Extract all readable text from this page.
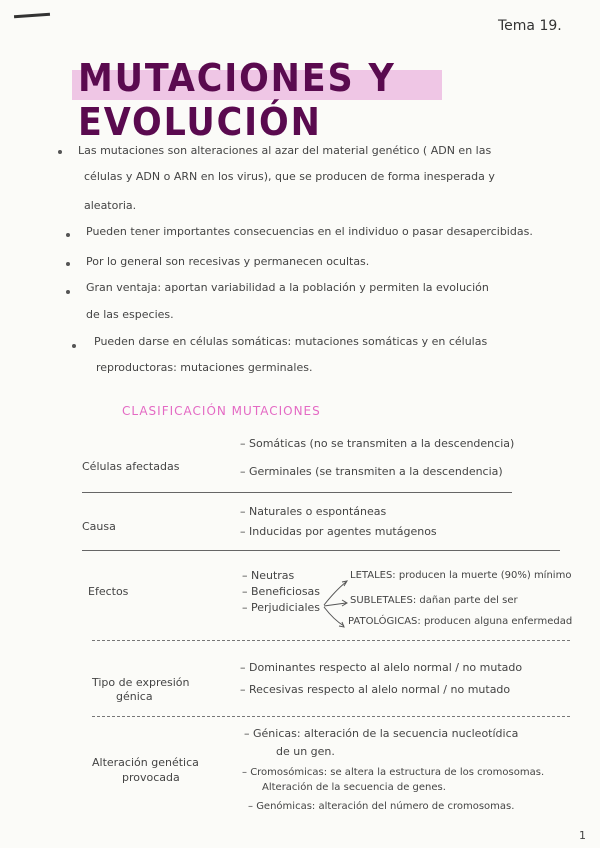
Tema 19.
MUTACIONES Y EVOLUCIÓN
Las mutaciones son alteraciones al azar del material genético ( ADN en las
células y ADN o ARN en los virus), que se producen de forma inesperada y
aleatoria.
Pueden tener importantes consecuencias en el individuo o pasar desapercibidas.
Por lo general son recesivas y permanecen ocultas.
Gran ventaja: aportan variabilidad a la población y permiten la evolución
de las especies.
Pueden darse en células somáticas: mutaciones somáticas y en células
reproductoras: mutaciones germinales.
CLASIFICACIÓN MUTACIONES
Células afectadas
– Somáticas (no se transmiten a la descendencia)
– Germinales (se transmiten a la descendencia)
Causa
– Naturales o espontáneas
– Inducidas por agentes mutágenos
Efectos
– Neutras
– Beneficiosas
– Perjudiciales
LETALES: producen la muerte (90%) mínimo
SUBLETALES: dañan parte del ser
PATOLÓGICAS: producen alguna enfermedad
Tipo de expresión
génica
– Dominantes respecto al alelo normal / no mutado
– Recesivas respecto al alelo normal / no mutado
Alteración genética
provocada
– Génicas: alteración de la secuencia nucleotídica
de un gen.
– Cromosómicas: se altera la estructura de los cromosomas.
Alteración de la secuencia de genes.
– Genómicas: alteración del número de cromosomas.
1
